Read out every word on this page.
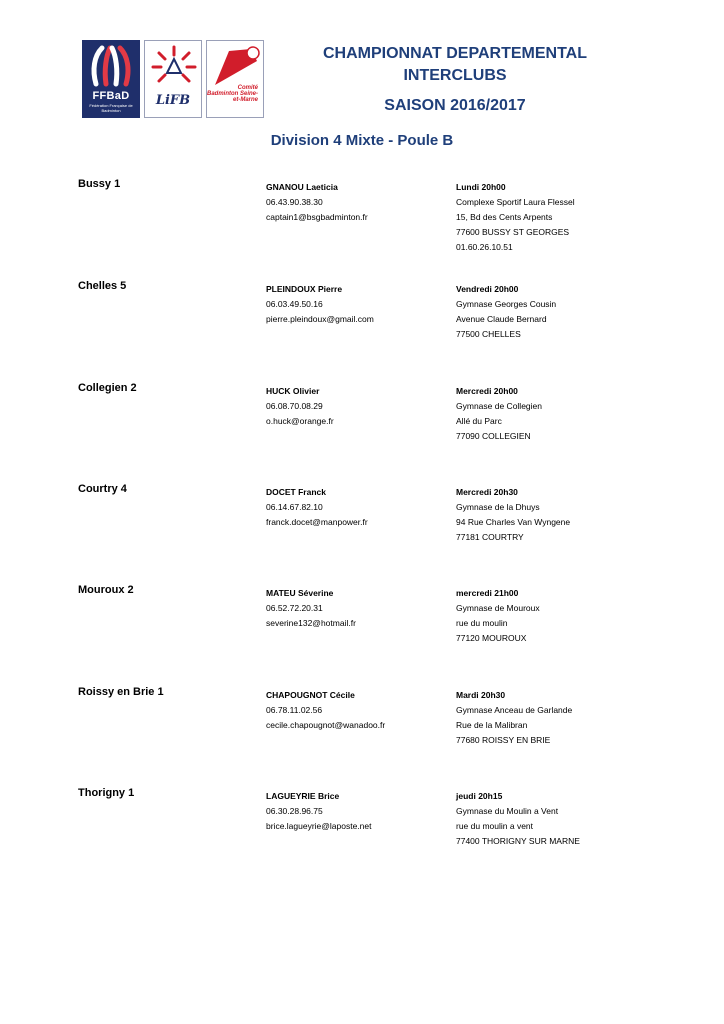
FFBaD
Fédération Française de Badminton
LiFB
Comité Badminton Seine-et-Marne
CHAMPIONNAT DEPARTEMENTAL
INTERCLUBS
SAISON 2016/2017
Division 4 Mixte - Poule B
Bussy 1	GNANOU Laeticia
06.43.90.38.30
captain1@bsgbadminton.fr
Lundi 20h00
Complexe Sportif Laura Flessel
15, Bd des Cents Arpents
77600 BUSSY ST GEORGES
01.60.26.10.51
Chelles 5	PLEINDOUX Pierre
06.03.49.50.16
pierre.pleindoux@gmail.com
Vendredi 20h00
Gymnase Georges Cousin
Avenue Claude Bernard
77500 CHELLES
Collegien 2	HUCK Olivier
06.08.70.08.29
o.huck@orange.fr
Mercredi 20h00
Gymnase de Collegien
Allé du Parc
77090 COLLEGIEN
Courtry 4	DOCET Franck
06.14.67.82.10
franck.docet@manpower.fr
Mercredi 20h30
Gymnase de la Dhuys
94 Rue Charles Van Wyngene
77181 COURTRY
Mouroux 2	MATEU Séverine
06.52.72.20.31
severine132@hotmail.fr
mercredi 21h00
Gymnase de Mouroux
rue du moulin
77120 MOUROUX
Roissy en Brie 1	CHAPOUGNOT Cécile
06.78.11.02.56
cecile.chapougnot@wanadoo.fr
Mardi 20h30
Gymnase Anceau de Garlande
Rue de la Malibran
77680 ROISSY EN BRIE
Thorigny 1	LAGUEYRIE Brice
06.30.28.96.75
brice.lagueyrie@laposte.net
jeudi 20h15
Gymnase du Moulin a Vent
rue du moulin a vent
77400 THORIGNY SUR MARNE
